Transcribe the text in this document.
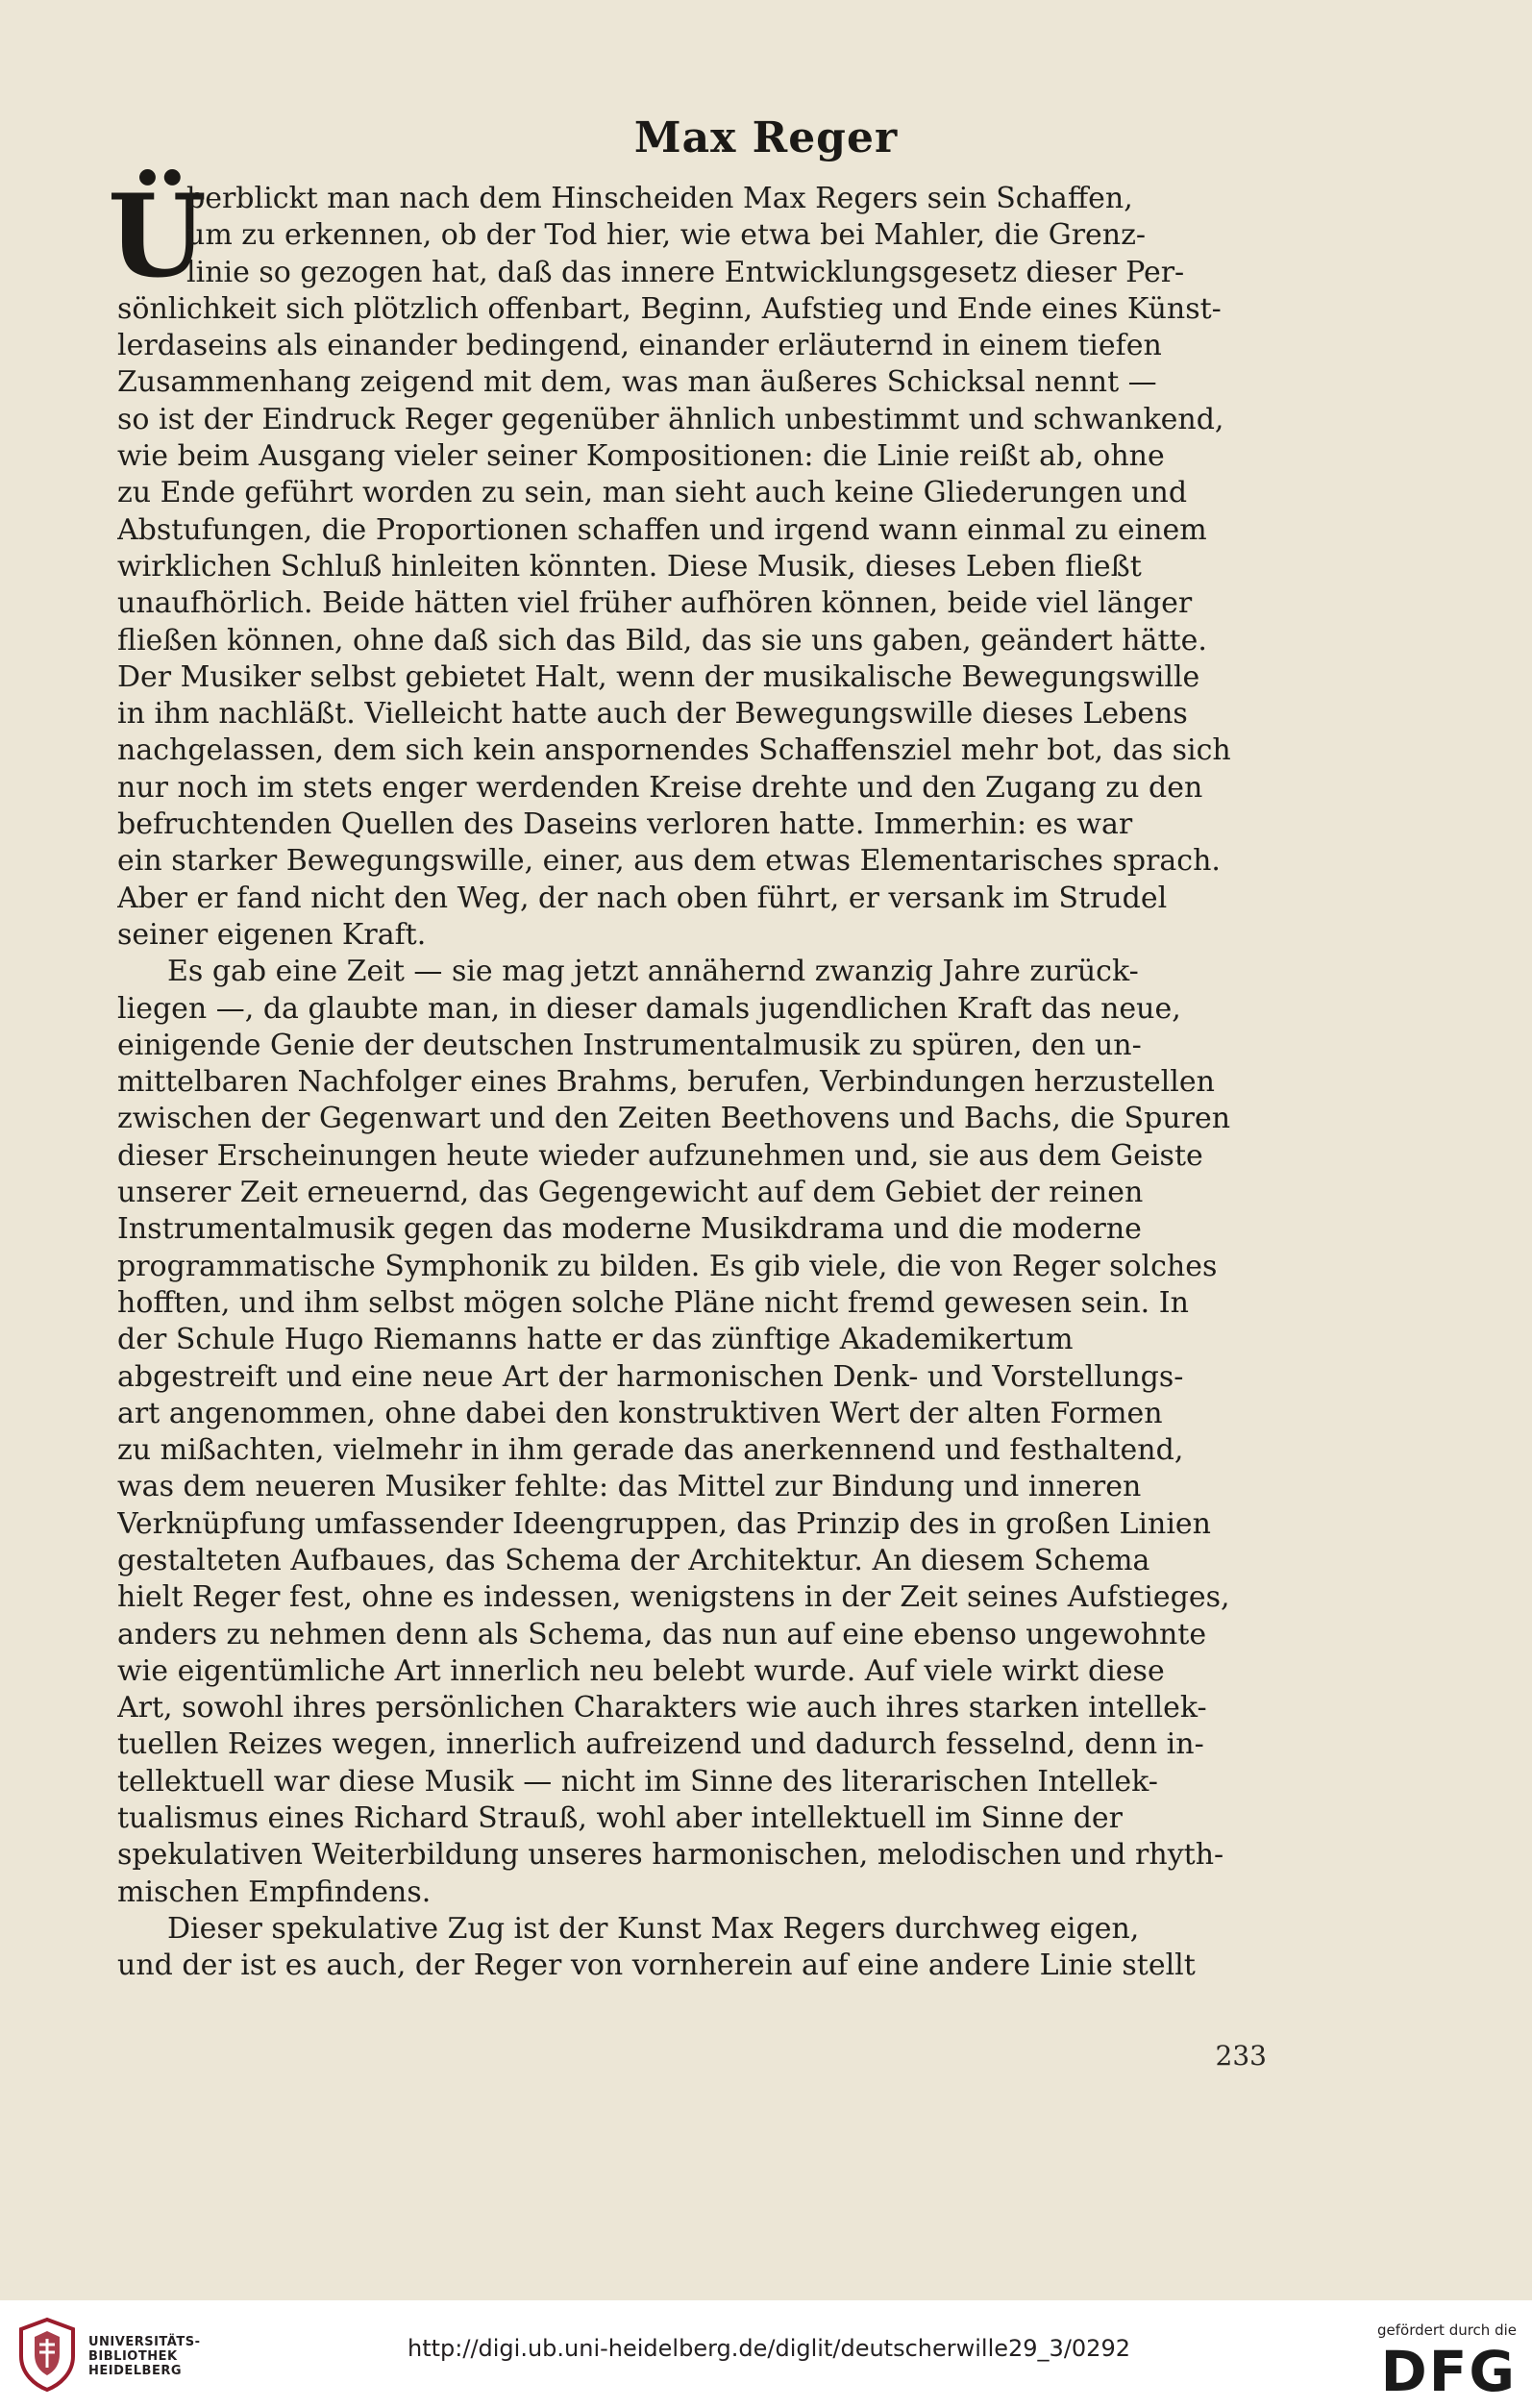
Max Reger
Ü
berblickt man nach dem Hinscheiden Max Regers sein Schaffen,
um zu erkennen, ob der Tod hier, wie etwa bei Mahler, die Grenz-
linie so gezogen hat, daß das innere Entwicklungsgesetz dieser Per-
sönlichkeit sich plötzlich offenbart, Beginn, Aufstieg und Ende eines Künst-
lerdaseins als einander bedingend, einander erläuternd in einem tiefen
Zusammenhang zeigend mit dem, was man äußeres Schicksal nennt —
so ist der Eindruck Reger gegenüber ähnlich unbestimmt und schwankend,
wie beim Ausgang vieler seiner Kompositionen: die Linie reißt ab, ohne
zu Ende geführt worden zu sein, man sieht auch keine Gliederungen und
Abstufungen, die Proportionen schaffen und irgend wann einmal zu einem
wirklichen Schluß hinleiten könnten. Diese Musik, dieses Leben fließt
unaufhörlich. Beide hätten viel früher aufhören können, beide viel länger
fließen können, ohne daß sich das Bild, das sie uns gaben, geändert hätte.
Der Musiker selbst gebietet Halt, wenn der musikalische Bewegungswille
in ihm nachläßt. Vielleicht hatte auch der Bewegungswille dieses Lebens
nachgelassen, dem sich kein anspornendes Schaffensziel mehr bot, das sich
nur noch im stets enger werdenden Kreise drehte und den Zugang zu den
befruchtenden Quellen des Daseins verloren hatte. Immerhin: es war
ein starker Bewegungswille, einer, aus dem etwas Elementarisches sprach.
Aber er fand nicht den Weg, der nach oben führt, er versank im Strudel
seiner eigenen Kraft.
Es gab eine Zeit — sie mag jetzt annähernd zwanzig Jahre zurück-
liegen —, da glaubte man, in dieser damals jugendlichen Kraft das neue,
einigende Genie der deutschen Instrumentalmusik zu spüren, den un-
mittelbaren Nachfolger eines Brahms, berufen, Verbindungen herzustellen
zwischen der Gegenwart und den Zeiten Beethovens und Bachs, die Spuren
dieser Erscheinungen heute wieder aufzunehmen und, sie aus dem Geiste
unserer Zeit erneuernd, das Gegengewicht auf dem Gebiet der reinen
Instrumentalmusik gegen das moderne Musikdrama und die moderne
programmatische Symphonik zu bilden. Es gib viele, die von Reger solches
hofften, und ihm selbst mögen solche Pläne nicht fremd gewesen sein. In
der Schule Hugo Riemanns hatte er das zünftige Akademikertum
abgestreift und eine neue Art der harmonischen Denk- und Vorstellungs-
art angenommen, ohne dabei den konstruktiven Wert der alten Formen
zu mißachten, vielmehr in ihm gerade das anerkennend und festhaltend,
was dem neueren Musiker fehlte: das Mittel zur Bindung und inneren
Verknüpfung umfassender Ideengruppen, das Prinzip des in großen Linien
gestalteten Aufbaues, das Schema der Architektur. An diesem Schema
hielt Reger fest, ohne es indessen, wenigstens in der Zeit seines Aufstieges,
anders zu nehmen denn als Schema, das nun auf eine ebenso ungewohnte
wie eigentümliche Art innerlich neu belebt wurde. Auf viele wirkt diese
Art, sowohl ihres persönlichen Charakters wie auch ihres starken intellek-
tuellen Reizes wegen, innerlich aufreizend und dadurch fesselnd, denn in-
tellektuell war diese Musik — nicht im Sinne des literarischen Intellek-
tualismus eines Richard Strauß, wohl aber intellektuell im Sinne der
spekulativen Weiterbildung unseres harmonischen, melodischen und rhyth-
mischen Empfindens.
Dieser spekulative Zug ist der Kunst Max Regers durchweg eigen,
und der ist es auch, der Reger von vornherein auf eine andere Linie stellt
233
UNIVERSITÄTS-
BIBLIOTHEK
HEIDELBERG
http://digi.ub.uni-heidelberg.de/diglit/deutscherwille29_3/0292
gefördert durch die
DFG
